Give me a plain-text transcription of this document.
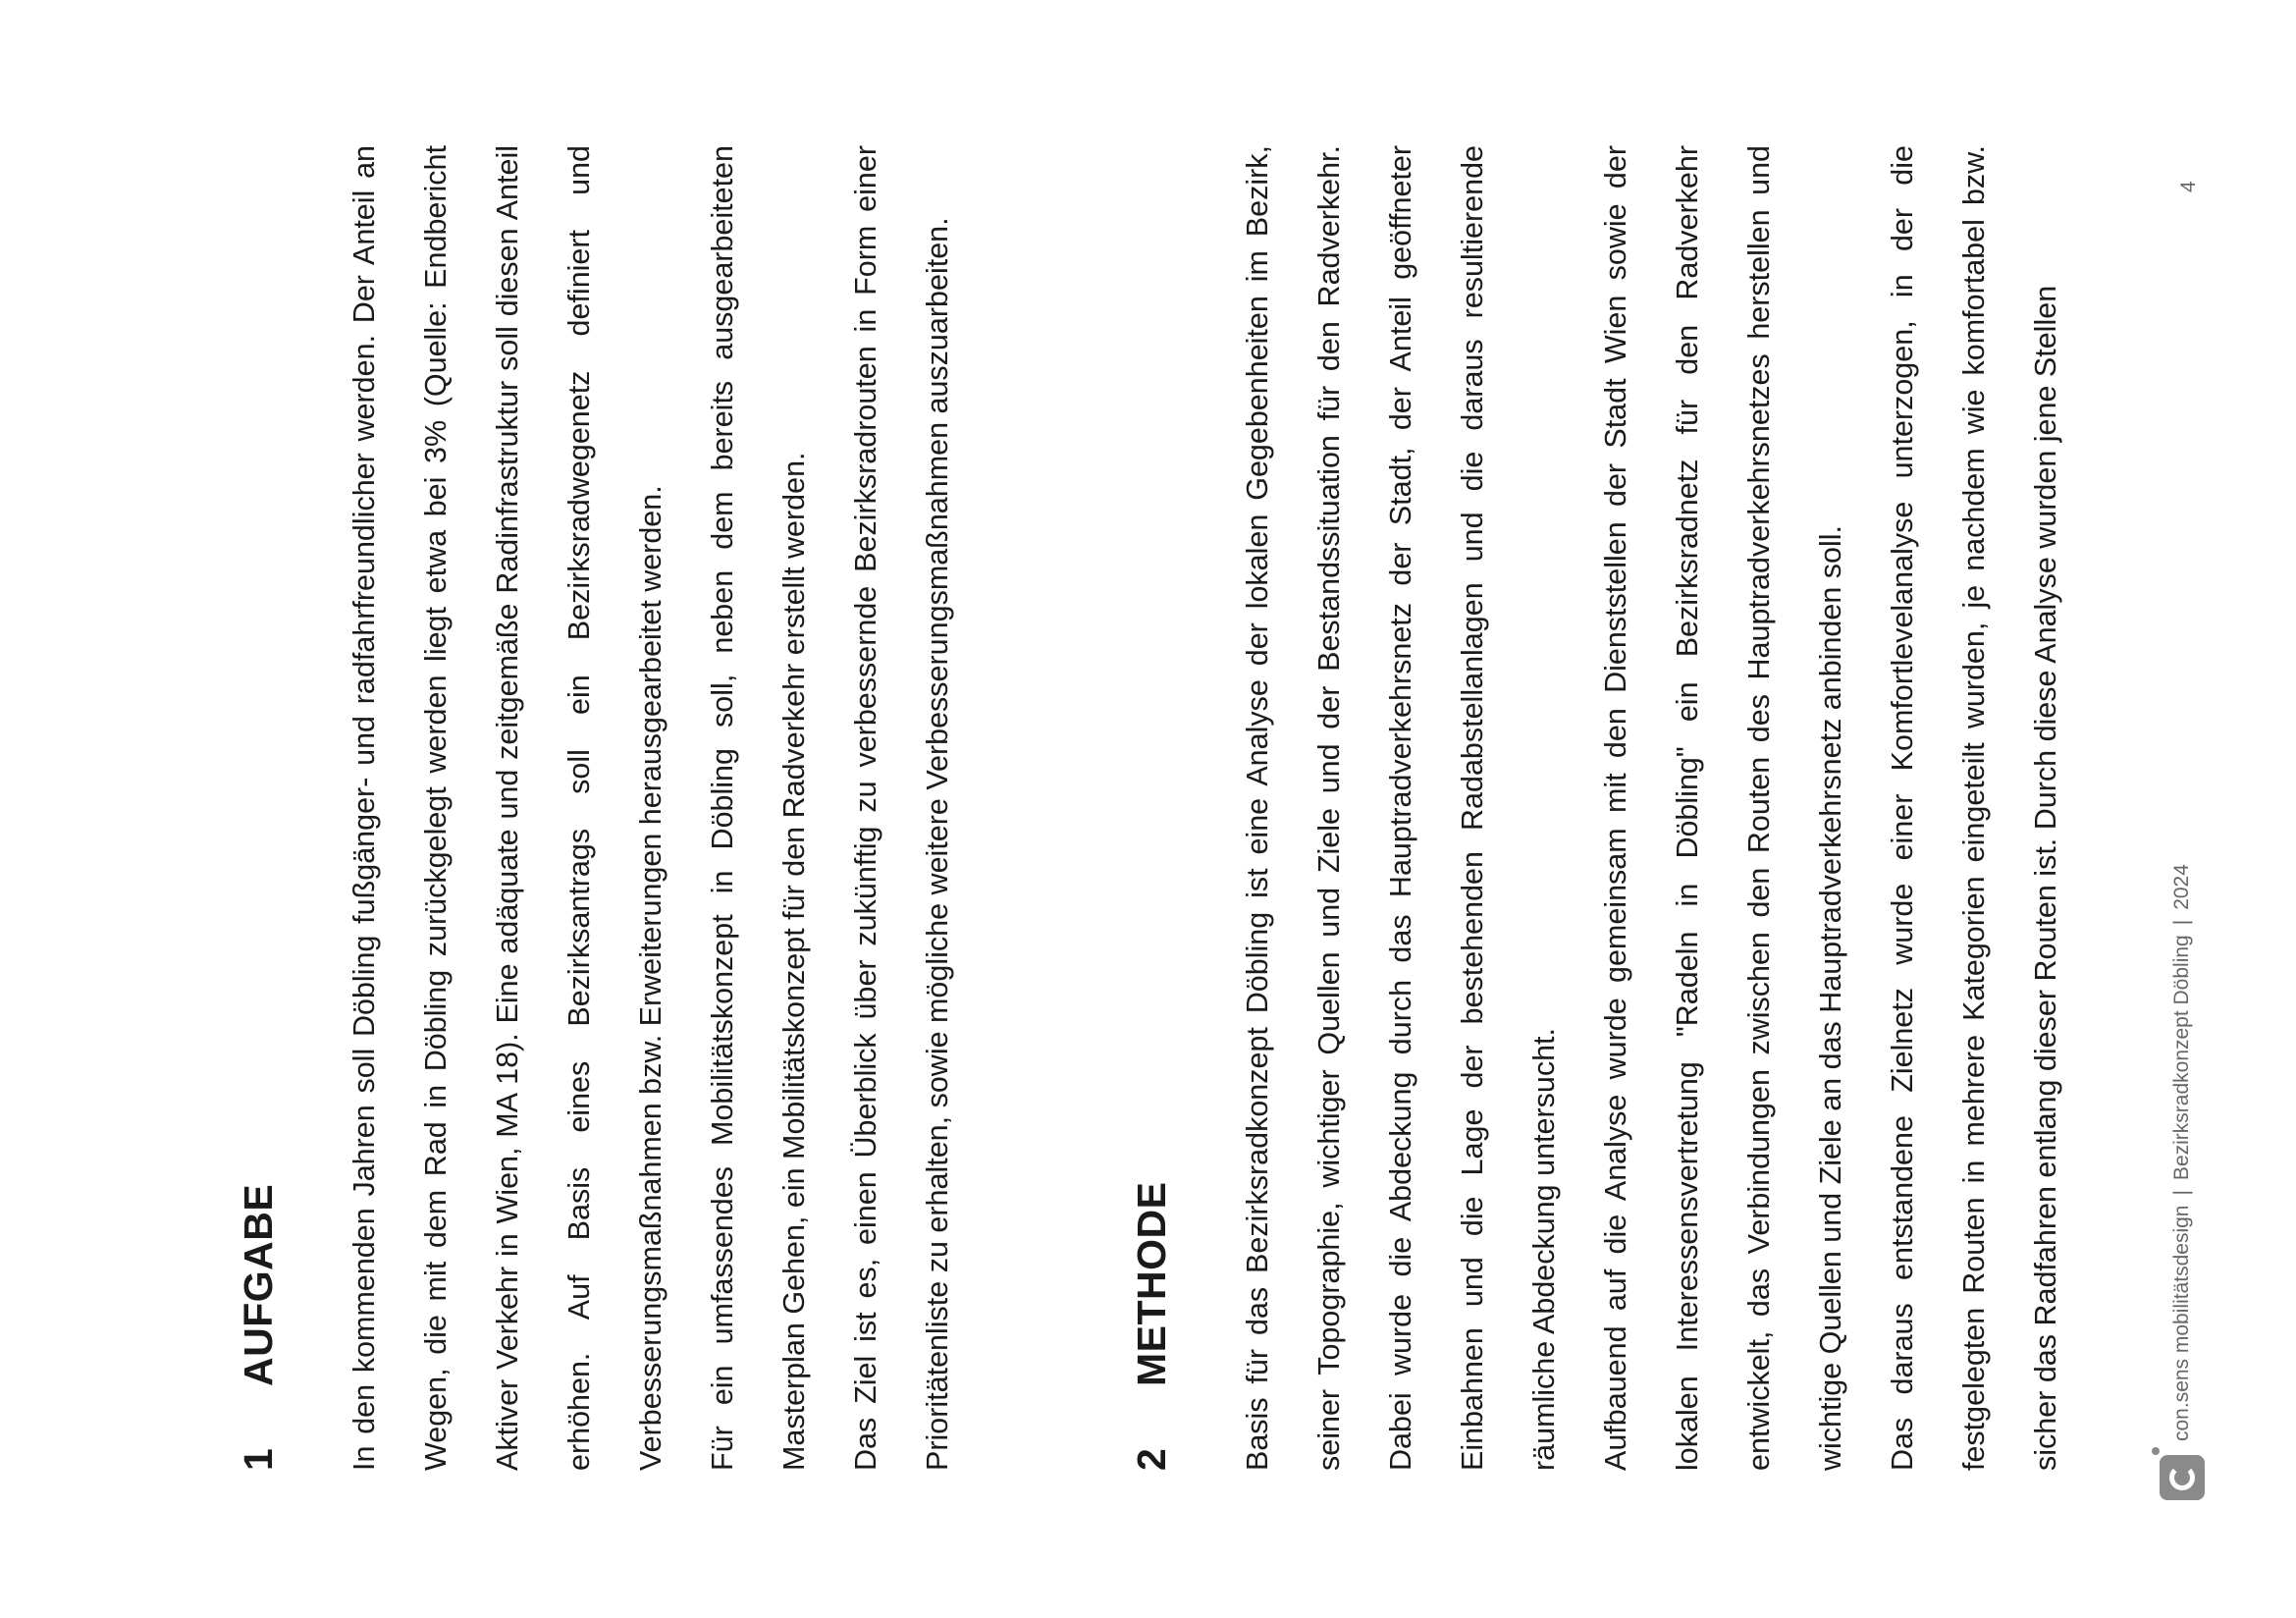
1
AUFGABE	In den kommenden Jahren soll Döbling fußgänger- und radfahrfreundlicher werden. Der Anteil an Wegen, die mit dem Rad in Döbling zurückgelegt werden liegt etwa bei 3% (Quelle: Endbericht Aktiver Verkehr in Wien, MA 18). Eine adäquate und zeitgemäße Radinfrastruktur soll diesen Anteil erhöhen. Auf Basis eines Bezirksantrags soll ein Bezirksradwegenetz definiert und Verbesserungsmaßnahmen bzw. Erweiterungen herausgearbeitet werden.	Für ein umfassendes Mobilitätskonzept in Döbling soll, neben dem bereits ausgearbeiteten Masterplan Gehen, ein Mobilitätskonzept für den Radverkehr erstellt werden.	Das Ziel ist es, einen Überblick über zukünftig zu verbessernde Bezirksradrouten in Form einer Prioritätenliste zu erhalten, sowie mögliche weitere Verbesserungsmaßnahmen auszuarbeiten.	2
METHODE	Basis für das Bezirksradkonzept Döbling ist eine Analyse der lokalen Gegebenheiten im Bezirk, seiner Topographie, wichtiger Quellen und Ziele und der Bestandssituation für den Radverkehr. Dabei wurde die Abdeckung durch das Hauptradverkehrsnetz der Stadt, der Anteil geöffneter Einbahnen und die Lage der bestehenden Radabstellanlagen und die daraus resultierende räumliche Abdeckung untersucht.	Aufbauend auf die Analyse wurde gemeinsam mit den Dienststellen der Stadt Wien sowie der lokalen Interessensvertretung "Radeln in Döbling" ein Bezirksradnetz für den Radverkehr entwickelt, das Verbindungen zwischen den Routen des Hauptradverkehrsnetzes herstellen und wichtige Quellen und Ziele an das Hauptradverkehrsnetz anbinden soll.	Das daraus entstandene Zielnetz wurde einer Komfortlevelanalyse unterzogen, in der die festgelegten Routen in mehrere Kategorien eingeteilt wurden, je nachdem wie komfortabel bzw. sicher das Radfahren entlang dieser Routen ist. Durch diese Analyse wurden jene Stellen	con.sens mobilitätsdesign
|
Bezirksradkonzept Döbling
|
2024
4
